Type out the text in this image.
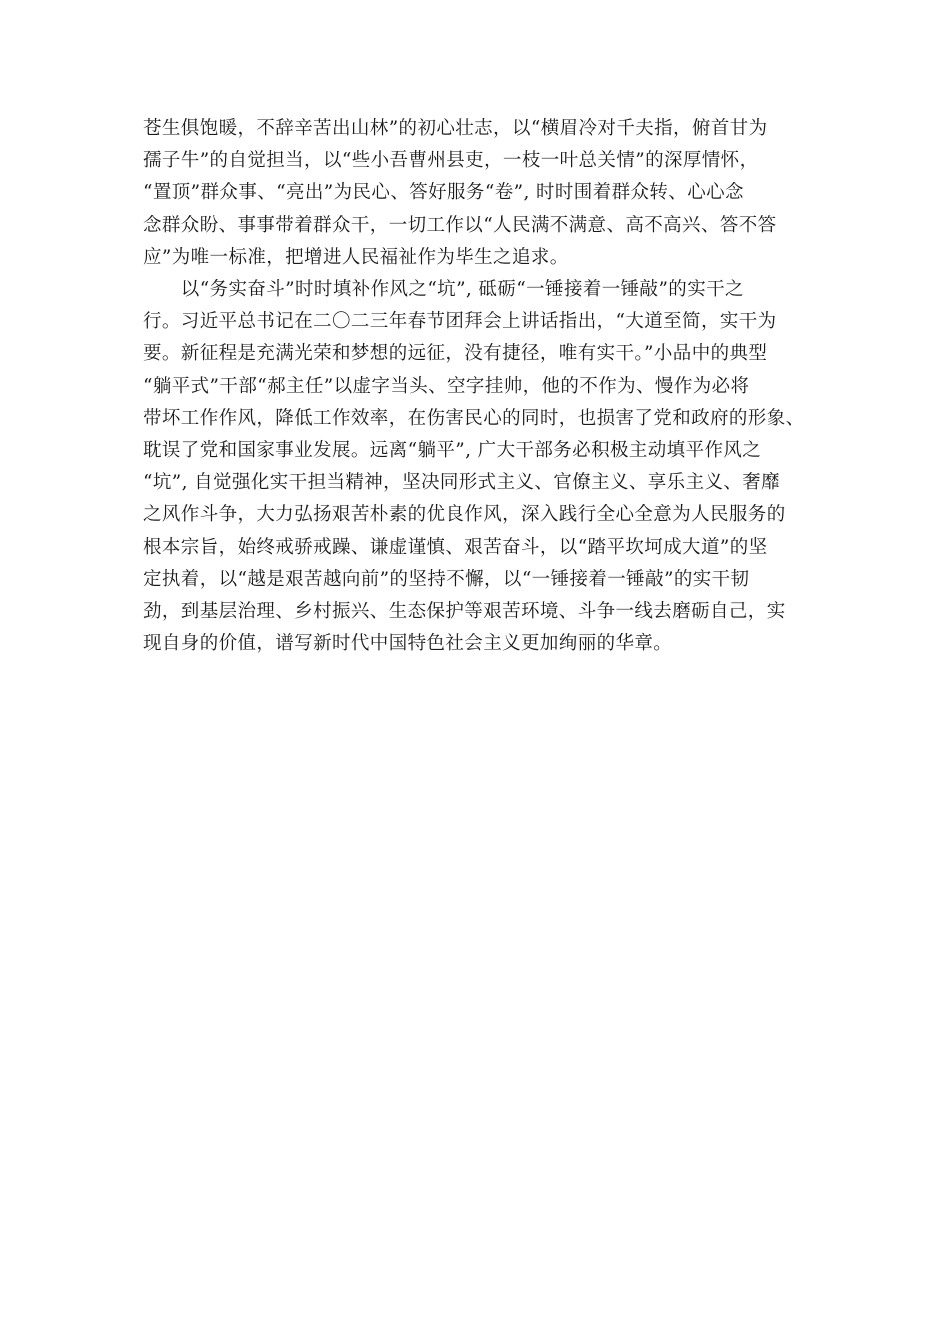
苍生俱饱暖，不辞辛苦出山林”的初心壮志，以“横眉冷对千夫指，俯首甘为
孺子牛”的自觉担当，以“些小吾曹州县吏，一枝一叶总关情”的深厚情怀，
“置顶”群众事、“亮出”为民心、答好服务“卷”, 时时围着群众转、心心念
念群众盼、事事带着群众干，一切工作以“人民满不满意、高不高兴、答不答
应”为唯一标准，把增进人民福祉作为毕生之追求。
　　以“务实奋斗”时时填补作风之“坑”, 砥砺“一锤接着一锤敲”的实干之
行。习近平总书记在二〇二三年春节团拜会上讲话指出，“大道至简，实干为
要。新征程是充满光荣和梦想的远征，没有捷径，唯有实干。”小品中的典型
“躺平式”干部“郝主任”以虚字当头、空字挂帅，他的不作为、慢作为必将
带坏工作作风，降低工作效率，在伤害民心的同时，也损害了党和政府的形象、
耽误了党和国家事业发展。远离“躺平”, 广大干部务必积极主动填平作风之
“坑”, 自觉强化实干担当精神，坚决同形式主义、官僚主义、享乐主义、奢靡
之风作斗争，大力弘扬艰苦朴素的优良作风，深入践行全心全意为人民服务的
根本宗旨，始终戒骄戒躁、谦虚谨慎、艰苦奋斗，以“踏平坎坷成大道”的坚
定执着，以“越是艰苦越向前”的坚持不懈，以“一锤接着一锤敲”的实干韧
劲，到基层治理、乡村振兴、生态保护等艰苦环境、斗争一线去磨砺自己，实
现自身的价值，谱写新时代中国特色社会主义更加绚丽的华章。
